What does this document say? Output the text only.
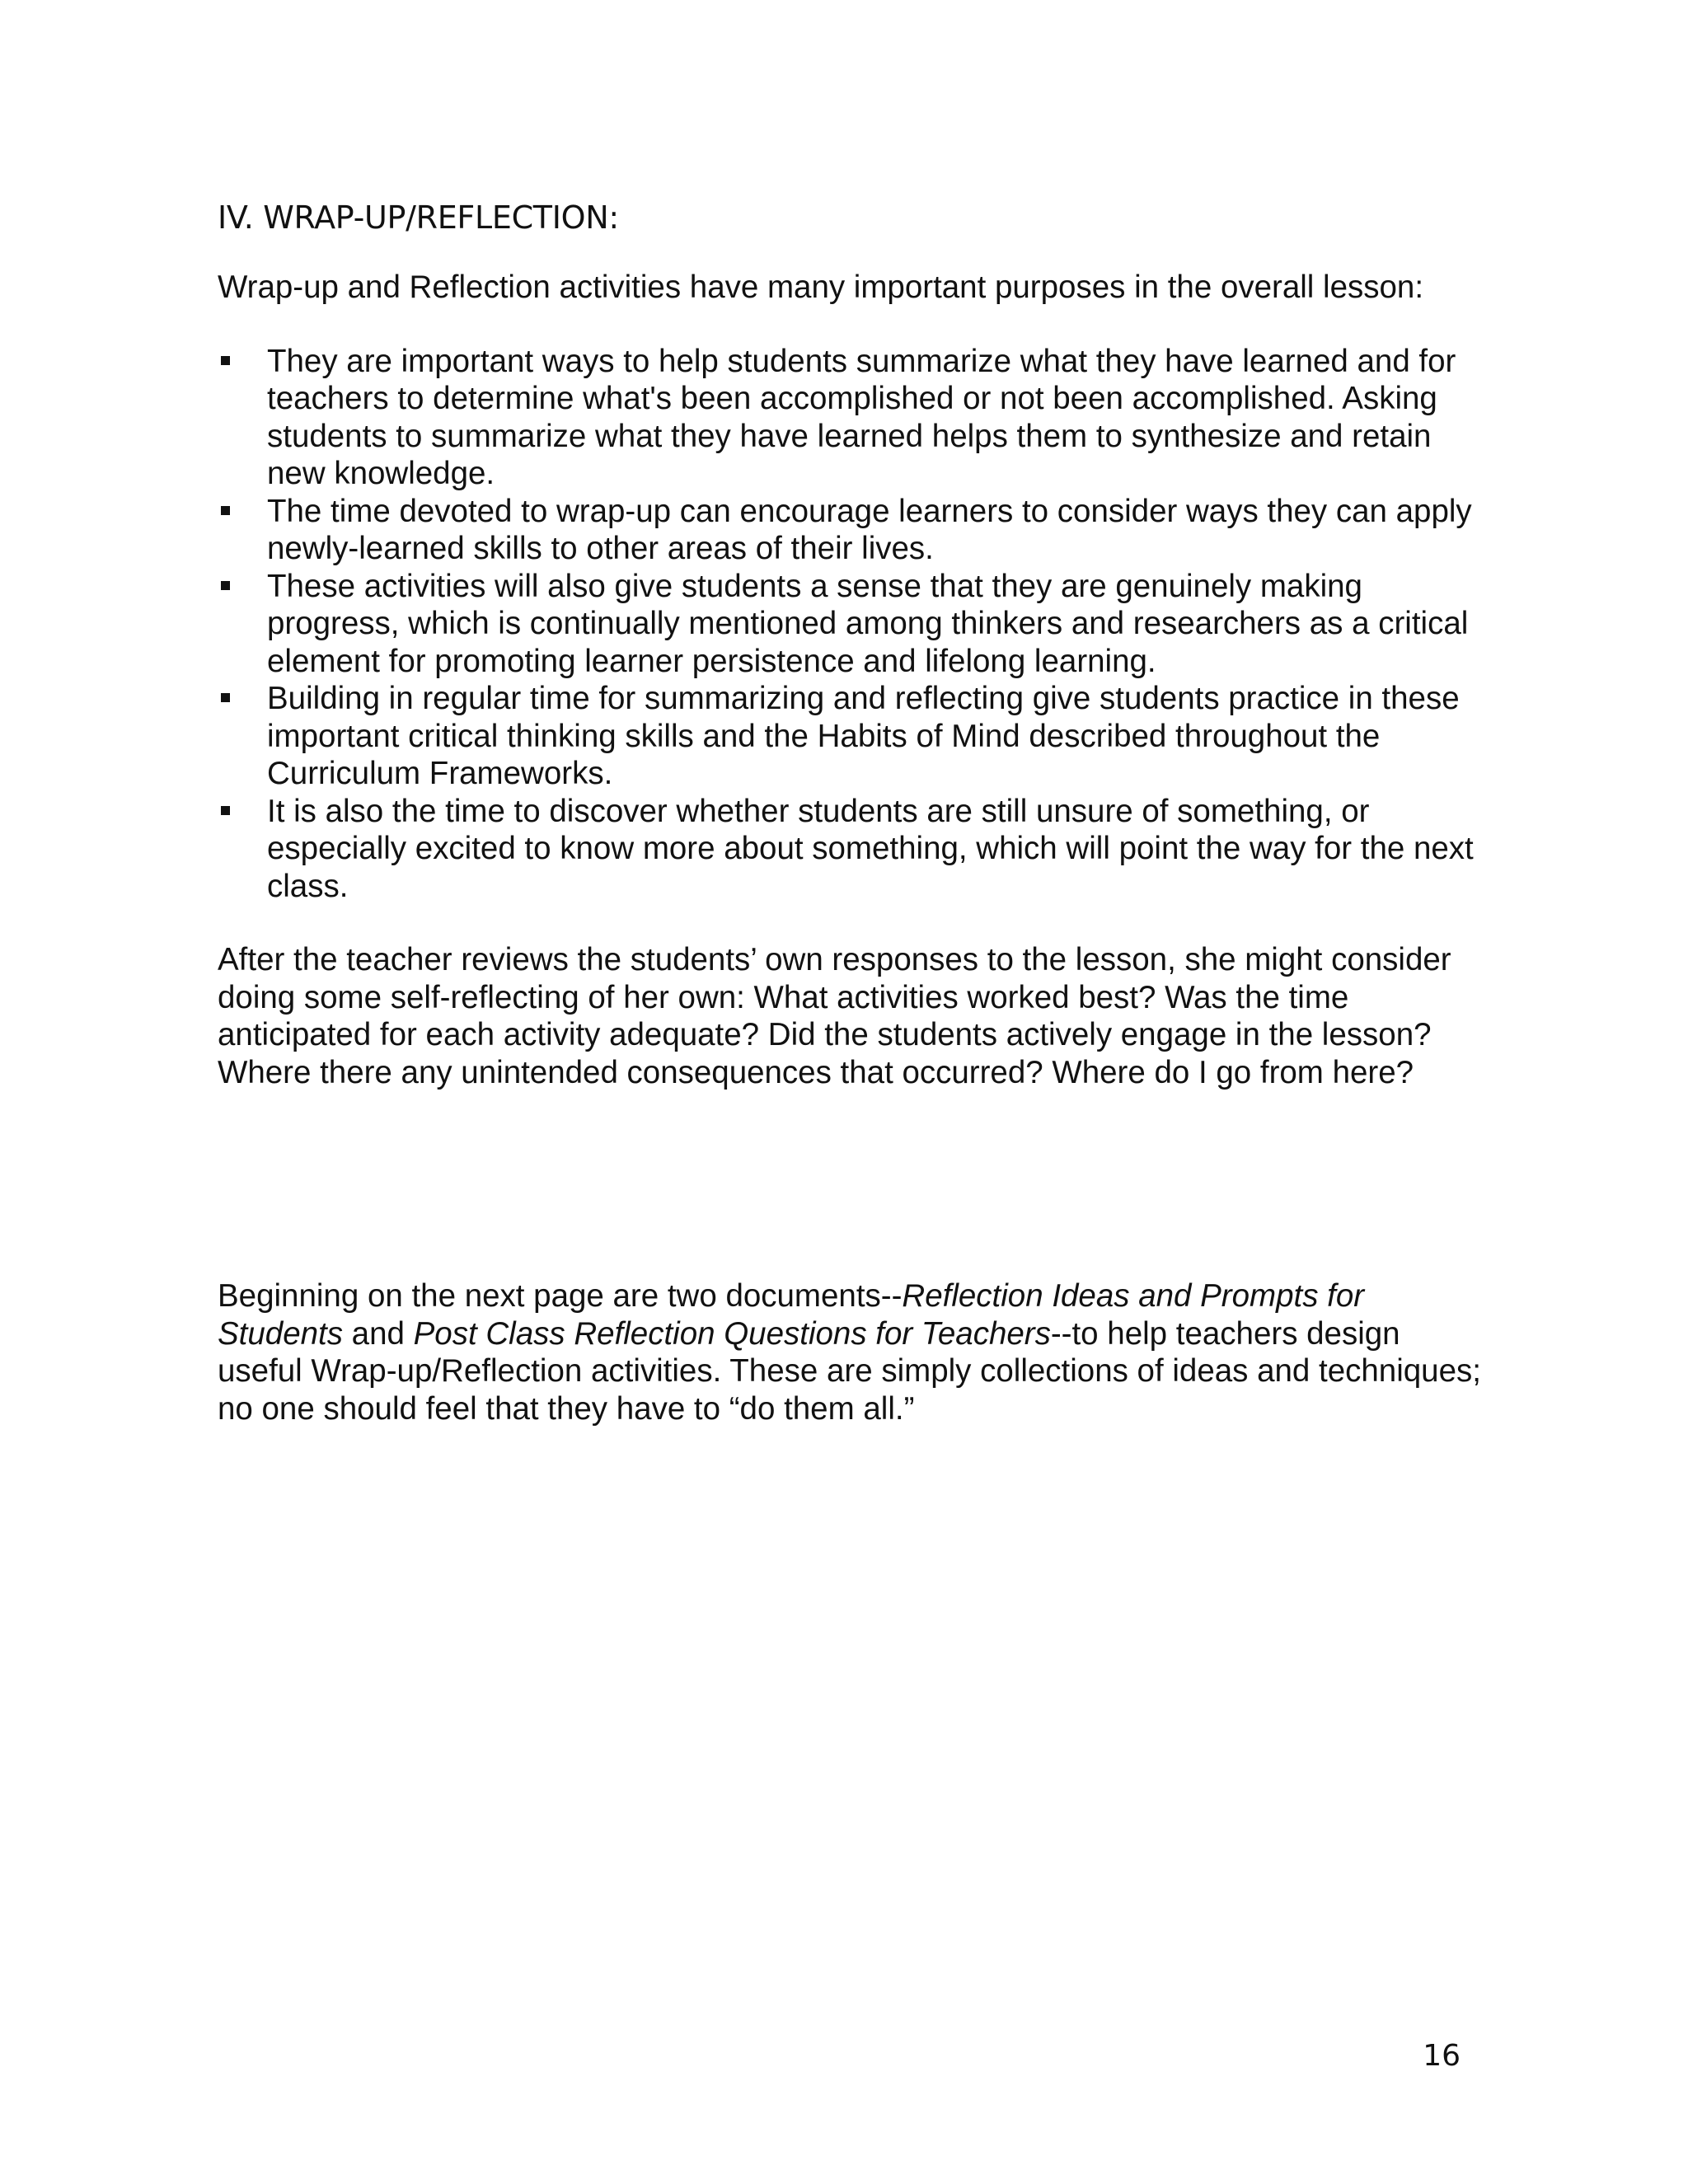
IV. WRAP-UP/REFLECTION:

Wrap-up and Reflection activities have many important purposes in the overall lesson:

They are important ways to help students summarize what they have learned and for teachers to determine what's been accomplished or not been accomplished. Asking students to summarize what they have learned helps them to synthesize and retain new knowledge.
The time devoted to wrap-up can encourage learners to consider ways they can apply newly-learned skills to other areas of their lives.
These activities will also give students a sense that they are genuinely making progress, which is continually mentioned among thinkers and researchers as a critical element for promoting learner persistence and lifelong learning.
Building in regular time for summarizing and reflecting give students practice in these important critical thinking skills and the Habits of Mind described throughout the Curriculum Frameworks.
It is also the time to discover whether students are still unsure of something, or especially excited to know more about something, which will point the way for the next class.

After the teacher reviews the students’ own responses to the lesson, she might consider doing some self-reflecting of her own: What activities worked best? Was the time anticipated for each activity adequate? Did the students actively engage in the lesson? Where there any unintended consequences that occurred? Where do I go from here?

Beginning on the next page are two documents--Reflection Ideas and Prompts for Students and Post Class Reflection Questions for Teachers--to help teachers design useful Wrap-up/Reflection activities. These are simply collections of ideas and techniques; no one should feel that they have to “do them all.”

16
